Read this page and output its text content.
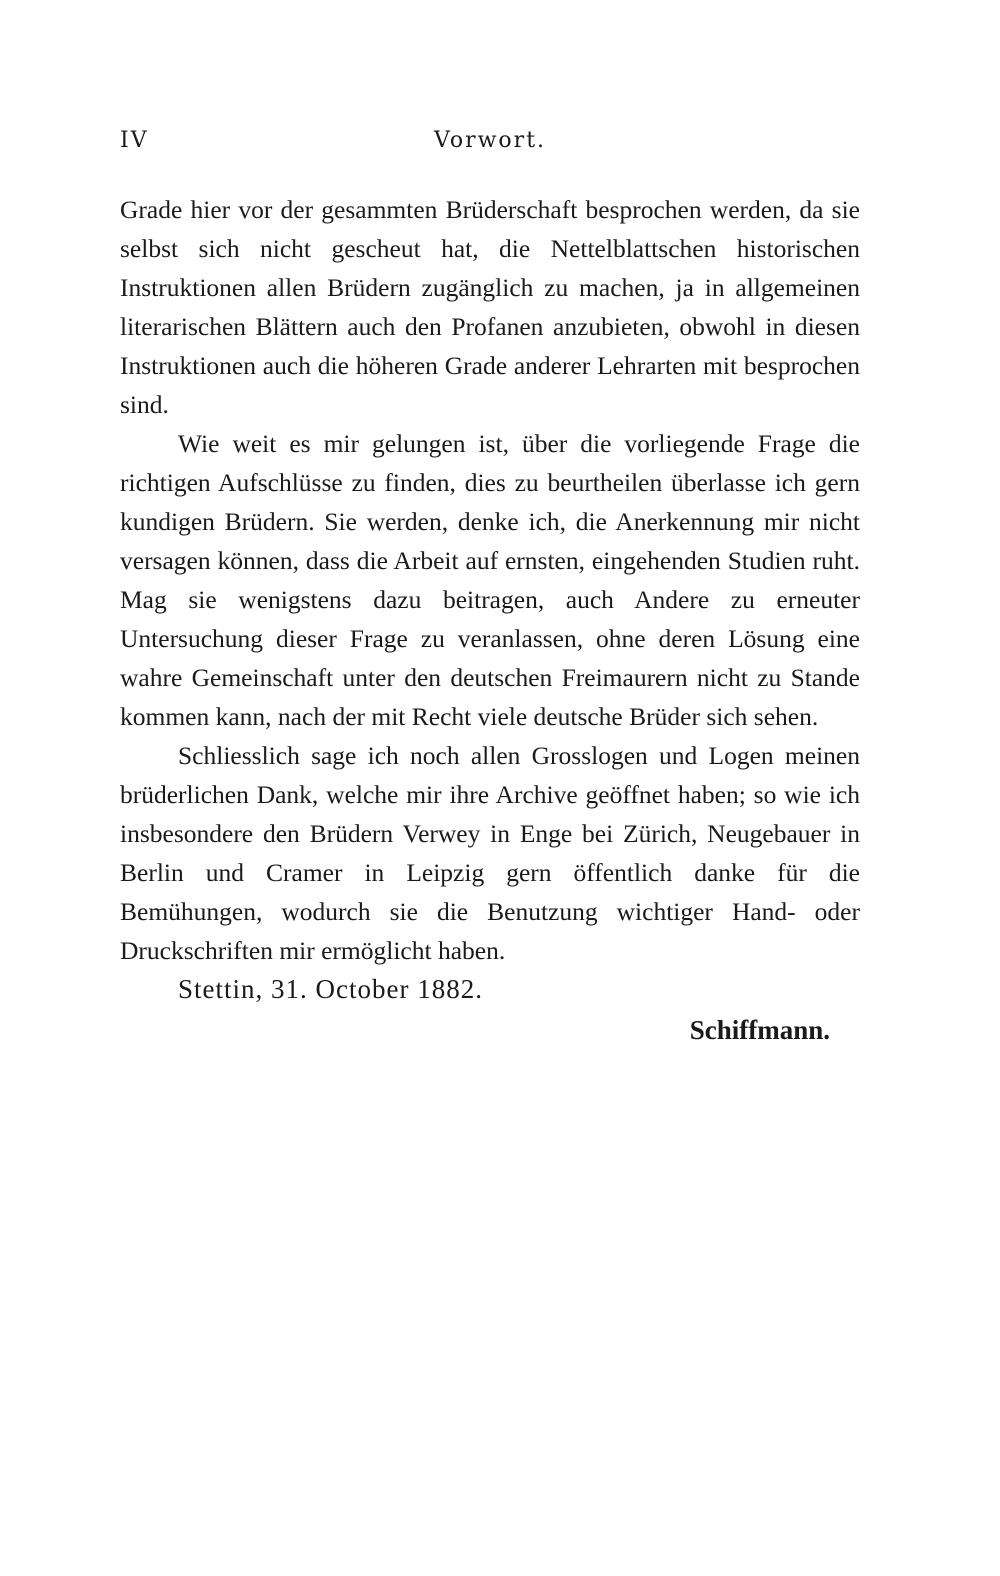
IV	Vorwort.

Grade hier vor der gesammten Brüderschaft besprochen werden, da sie selbst sich nicht gescheut hat, die Nettelblattschen historischen Instruktionen allen Brüdern zugänglich zu machen, ja in allgemeinen literarischen Blättern auch den Profanen anzubieten, obwohl in diesen Instruktionen auch die höheren Grade anderer Lehrarten mit besprochen sind.

Wie weit es mir gelungen ist, über die vorliegende Frage die richtigen Aufschlüsse zu finden, dies zu beurtheilen überlasse ich gern kundigen Brüdern. Sie werden, denke ich, die Anerkennung mir nicht versagen können, dass die Arbeit auf ernsten, eingehenden Studien ruht. Mag sie wenigstens dazu beitragen, auch Andere zu erneuter Untersuchung dieser Frage zu veranlassen, ohne deren Lösung eine wahre Gemeinschaft unter den deutschen Freimaurern nicht zu Stande kommen kann, nach der mit Recht viele deutsche Brüder sich sehen.

Schliesslich sage ich noch allen Grosslogen und Logen meinen brüderlichen Dank, welche mir ihre Archive geöffnet haben; so wie ich insbesondere den Brüdern Verwey in Enge bei Zürich, Neugebauer in Berlin und Cramer in Leipzig gern öffentlich danke für die Bemühungen, wodurch sie die Benutzung wichtiger Hand- oder Druckschriften mir ermöglicht haben.

Stettin, 31. October 1882.

Schiffmann.
